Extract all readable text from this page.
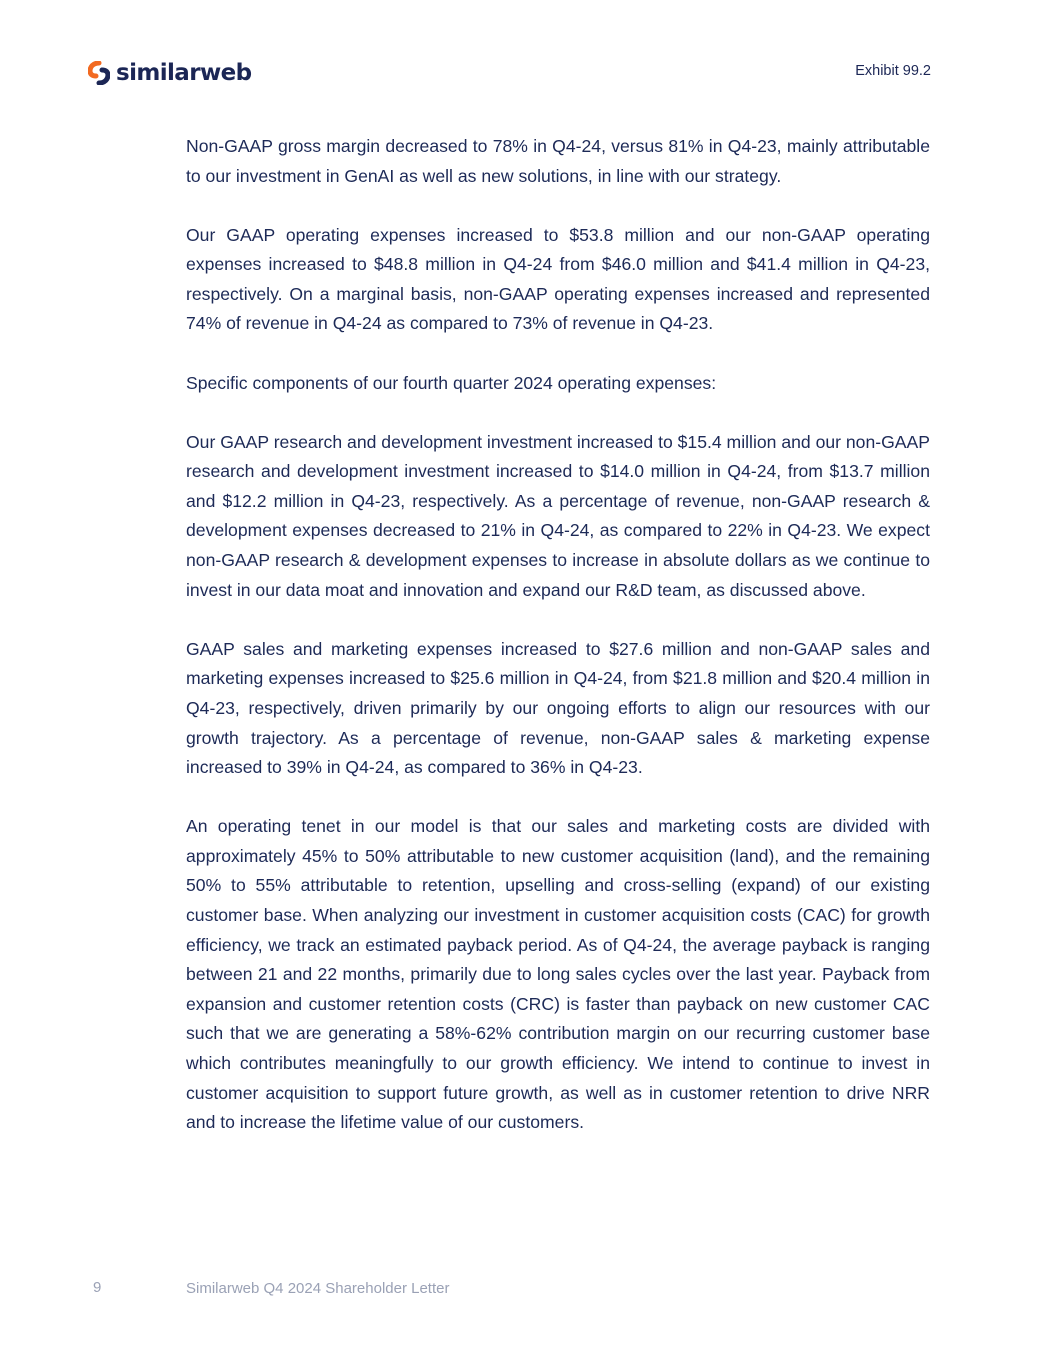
similarweb	Exhibit 99.2

Non-GAAP gross margin decreased to 78% in Q4-24, versus 81% in Q4-23, mainly attributable to our investment in GenAI as well as new solutions, in line with our strategy.

Our GAAP operating expenses increased to $53.8 million and our non-GAAP operating expenses increased to $48.8 million in Q4-24 from $46.0 million and $41.4 million in Q4-23, respectively. On a marginal basis, non-GAAP operating expenses increased and represented 74% of revenue in Q4-24 as compared to 73% of revenue in Q4-23.

Specific components of our fourth quarter 2024 operating expenses:

Our GAAP research and development investment increased to $15.4 million and our non-GAAP research and development investment increased to $14.0 million in Q4-24, from $13.7 million and $12.2 million in Q4-23, respectively. As a percentage of revenue, non-GAAP research & development expenses decreased to 21% in Q4-24, as compared to 22% in Q4-23. We expect non-GAAP research & development expenses to increase in absolute dollars as we continue to invest in our data moat and innovation and expand our R&D team, as discussed above.

GAAP sales and marketing expenses increased to $27.6 million and non-GAAP sales and marketing expenses increased to $25.6 million in Q4-24, from $21.8 million and $20.4 million in Q4-23, respectively, driven primarily by our ongoing efforts to align our resources with our growth trajectory. As a percentage of revenue, non-GAAP sales & marketing expense increased to 39% in Q4-24, as compared to 36% in Q4-23.

An operating tenet in our model is that our sales and marketing costs are divided with approximately 45% to 50% attributable to new customer acquisition (land), and the remaining 50% to 55% attributable to retention, upselling and cross-selling (expand) of our existing customer base. When analyzing our investment in customer acquisition costs (CAC) for growth efficiency, we track an estimated payback period. As of Q4-24, the average payback is ranging between 21 and 22 months, primarily due to long sales cycles over the last year. Payback from expansion and customer retention costs (CRC) is faster than payback on new customer CAC such that we are generating a 58%-62% contribution margin on our recurring customer base which contributes meaningfully to our growth efficiency. We intend to continue to invest in customer acquisition to support future growth, as well as in customer retention to drive NRR and to increase the lifetime value of our customers.

9	Similarweb Q4 2024 Shareholder Letter
